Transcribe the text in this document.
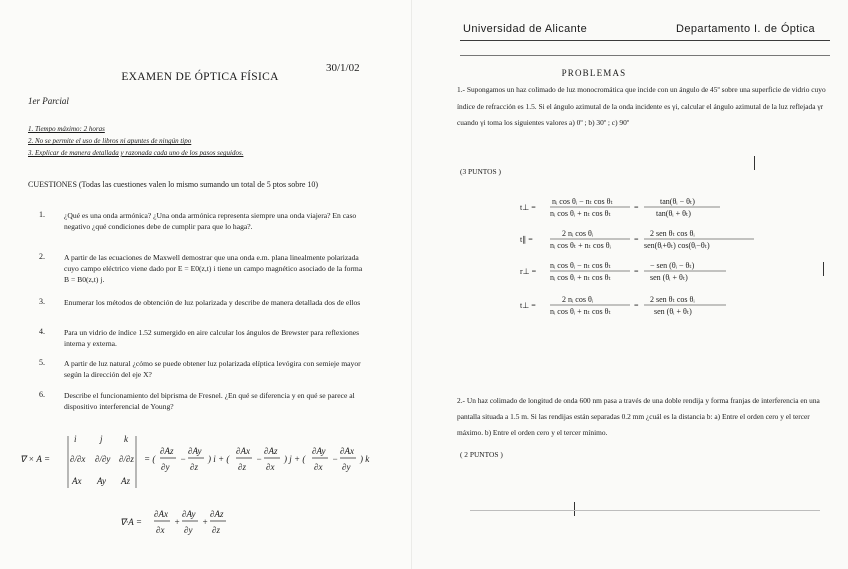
30/1/02
EXAMEN DE ÓPTICA FÍSICA
1er Parcial
1. Tiempo máximo: 2 horas
2. No se permite el uso de libros ni apuntes de ningún tipo
3. Explicar de manera detallada y razonada cada uno de los pasos seguidos.
CUESTIONES (Todas las cuestiones valen lo mismo sumando un total de 5 ptos sobre 10)
1.	¿Qué es una onda armónica? ¿Una onda armónica representa siempre una onda viajera? En caso negativo ¿qué condiciones debe de cumplir para que lo haga?.
2.	A partir de las ecuaciones de Maxwell demostrar que una onda e.m. plana linealmente polarizada cuyo campo eléctrico viene dado por E = E0(z,t) i tiene un campo magnético asociado de la forma B = B0(z,t) j.
3.	Enumerar los métodos de obtención de luz polarizada y describe de manera detallada dos de ellos
4.	Para un vidrio de índice 1.52 sumergido en aire calcular los ángulos de Brewster para reflexiones interna y externa.
5.	A partir de luz natural ¿cómo se puede obtener luz polarizada elíptica levógira con semieje mayor según la dirección del eje X?
6.	Describe el funcionamiento del biprisma de Fresnel. ¿En qué se diferencia y en qué se parece al dispositivo interferencial de Young?
∇ × A =
i	j k
∂/∂x ∂/∂y ∂/∂z
Ax Ay Az
= (
∂Az
∂y
−
∂Ay
∂z
) i + (
∂Ax
∂z
−
∂Az
∂x
) j + (
∂Ay
∂x
−
∂Ax
∂y
) k
∇·A =
∂Ax
∂x
+
∂Ay
∂y
+
∂Az
∂z
Universidad de Alicante	Departamento I. de Óptica
PROBLEMAS
1.- Supongamos un haz colimado de luz monocromática que incide con un ángulo de 45º sobre una superficie de vidrio cuyo índice de refracción es 1.5. Si el ángulo azimutal de la onda incidente es γi, calcular el ángulo azimutal de la luz reflejada γr cuando γi toma los siguientes valores a) 0º ; b) 30º ; c) 90º
(3 PUNTOS )
t⊥ =
nᵢ cos θᵢ − nₜ cos θₜ
nᵢ cos θᵢ + nₜ cos θₜ
=
tan(θᵢ − θₜ)
tan(θᵢ + θₜ)
t∥ =
2 nᵢ cos θᵢ
nᵢ cos θₜ + nₜ cos θᵢ
=
2 sen θₜ cos θᵢ
sen(θᵢ+θₜ) cos(θᵢ−θₜ)
r⊥ =
nᵢ cos θᵢ − nₜ cos θₜ
nᵢ cos θᵢ + nₜ cos θₜ
=
− sen (θᵢ − θₜ)
sen (θᵢ + θₜ)
t⊥ =
2 nᵢ cos θᵢ
nᵢ cos θᵢ + nₜ cos θₜ
=
2 sen θₜ cos θᵢ
sen (θᵢ + θₜ)
2.- Un haz colimado de longitud de onda 600 nm pasa a través de una doble rendija y forma franjas de interferencia en una pantalla situada a 1.5 m. Si las rendijas están separadas 0.2 mm ¿cuál es la distancia b: a) Entre el orden cero y el tercer máximo. b) Entre el orden cero y el tercer mínimo.
( 2 PUNTOS )
